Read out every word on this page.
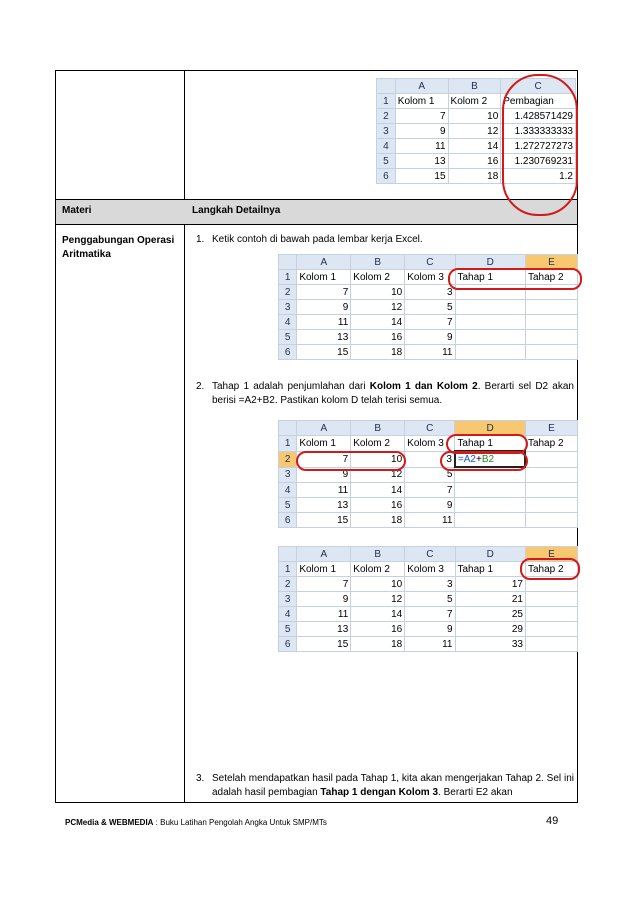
Materi	Langkah Detailnya
Penggabungan Operasi Aritmatika
	A	B	C
1	Kolom 1	Kolom 2	Pembagian
2	7	10	1.428571429
3	9	12	1.333333333
4	11	14	1.272727273
5	13	16	1.230769231
6	15	18	1.2
1. Ketik contoh di bawah pada lembar kerja Excel.
	A	B	C	D	E
1	Kolom 1	Kolom 2	Kolom 3	Tahap 1	Tahap 2
2	7	10	3		
3	9	12	5		
4	11	14	7		
5	13	16	9		
6	15	18	11		
2. Tahap 1 adalah penjumlahan dari Kolom 1 dan Kolom 2. Berarti sel D2 akan berisi =A2+B2. Pastikan kolom D telah terisi semua.
	A	B	C	D	E
1	Kolom 1	Kolom 2	Kolom 3	Tahap 1	Tahap 2
2	7	10	3	=A2+B2	
3	9	12	5		
4	11	14	7		
5	13	16	9		
6	15	18	11		
	A	B	C	D	E
1	Kolom 1	Kolom 2	Kolom 3	Tahap 1	Tahap 2
2	7	10	3	17	
3	9	12	5	21	
4	11	14	7	25	
5	13	16	9	29	
6	15	18	11	33	
3. Setelah mendapatkan hasil pada Tahap 1, kita akan mengerjakan Tahap 2. Sel ini adalah hasil pembagian Tahap 1 dengan Kolom 3. Berarti E2 akan
PCMedia & WEBMEDIA : Buku Latihan Pengolah Angka Untuk SMP/MTs	49
